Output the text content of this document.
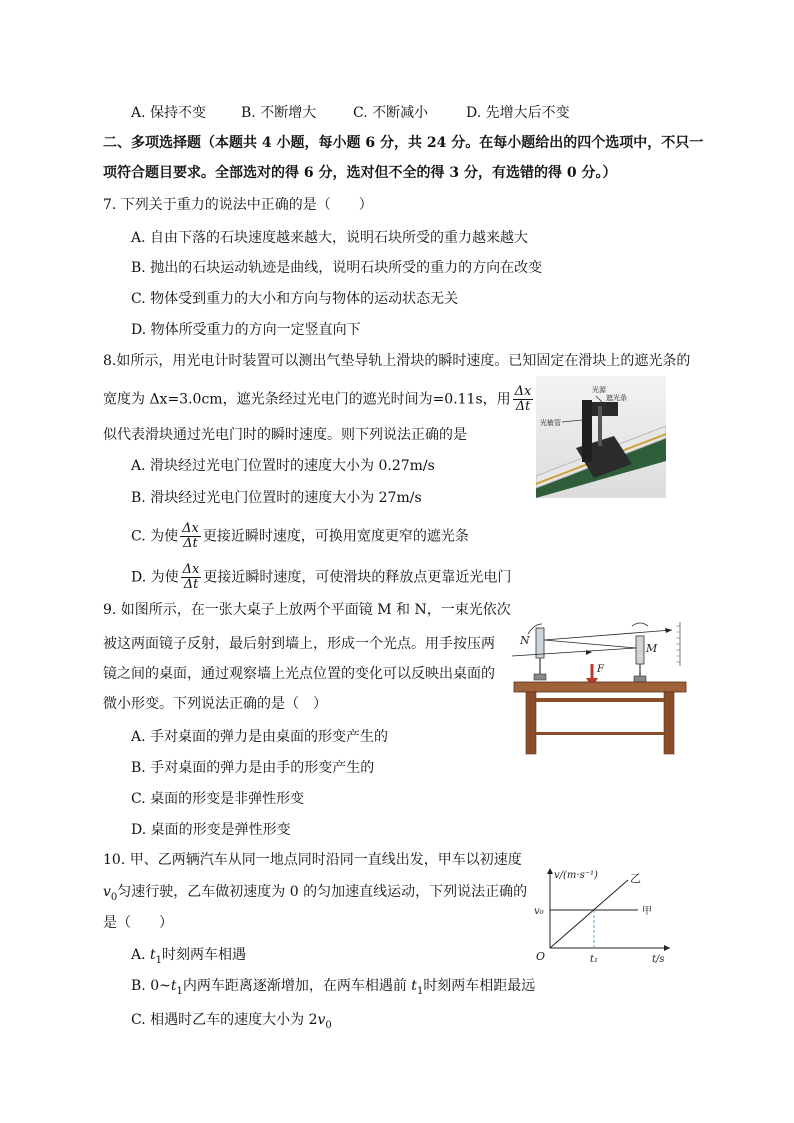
A. 保持不变 B. 不断增大	C. 不断减小	D. 先增大后不变
二、多项选择题（本题共 4 小题，每小题 6 分，共 24 分。在每小题给出的四个选项中，不只一
项符合题目要求。全部选对的得 6 分，选对但不全的得 3 分，有选错的得 0 分。）
7. 下列关于重力的说法中正确的是（　　）
A. 自由下落的石块速度越来越大，说明石块所受的重力越来越大
B. 抛出的石块运动轨迹是曲线，说明石块所受的重力的方向在改变
C. 物体受到重力的大小和方向与物体的运动状态无关
D. 物体所受重力的方向一定竖直向下
8.如所示，用光电计时装置可以测出气垫导轨上滑块的瞬时速度。已知固定在滑块上的遮光条的
宽度为 Δx=3.0cm，遮光条经过光电门的遮光时间为=0.11s，用 $\frac{\Delta x}{\Delta t}$
似代表滑块通过光电门时的瞬时速度。则下列说法正确的是
A. 滑块经过光电门位置时的速度大小为 0.27m/s
B. 滑块经过光电门位置时的速度大小为 27m/s
C. 为使 $\frac{\Delta x}{\Delta t}$ 更接近瞬时速度，可换用宽度更窄的遮光条
D. 为使 $\frac{\Delta x}{\Delta t}$ 更接近瞬时速度，可使滑块的释放点更靠近光电门
光源
遮光条
光敏管
9. 如图所示，在一张大桌子上放两个平面镜 M 和 N，一束光依次
被这两面镜子反射，最后射到墙上，形成一个光点。用手按压两
镜之间的桌面，通过观察墙上光点位置的变化可以反映出桌面的
微小形变。下列说法正确的是（　）
A. 手对桌面的弹力是由桌面的形变产生的
B. 手对桌面的弹力是由手的形变产生的
C. 桌面的形变是非弹性形变
D. 桌面的形变是弹性形变
F
N
M
10. 甲、乙两辆汽车从同一地点同时沿同一直线出发，甲车以初速度
$v_0$匀速行驶，乙车做初速度为 0 的匀加速直线运动，下列说法正确的
是（　　）
A. $t_1$时刻两车相遇
B. $0\sim t_1$内两车距离逐渐增加，在两车相遇前 $t_1$时刻两车相距最远
C. 相遇时乙车的速度大小为 $2v_0$
v/(m·s⁻¹)
t/s
O
v₀
t₁
甲
乙
